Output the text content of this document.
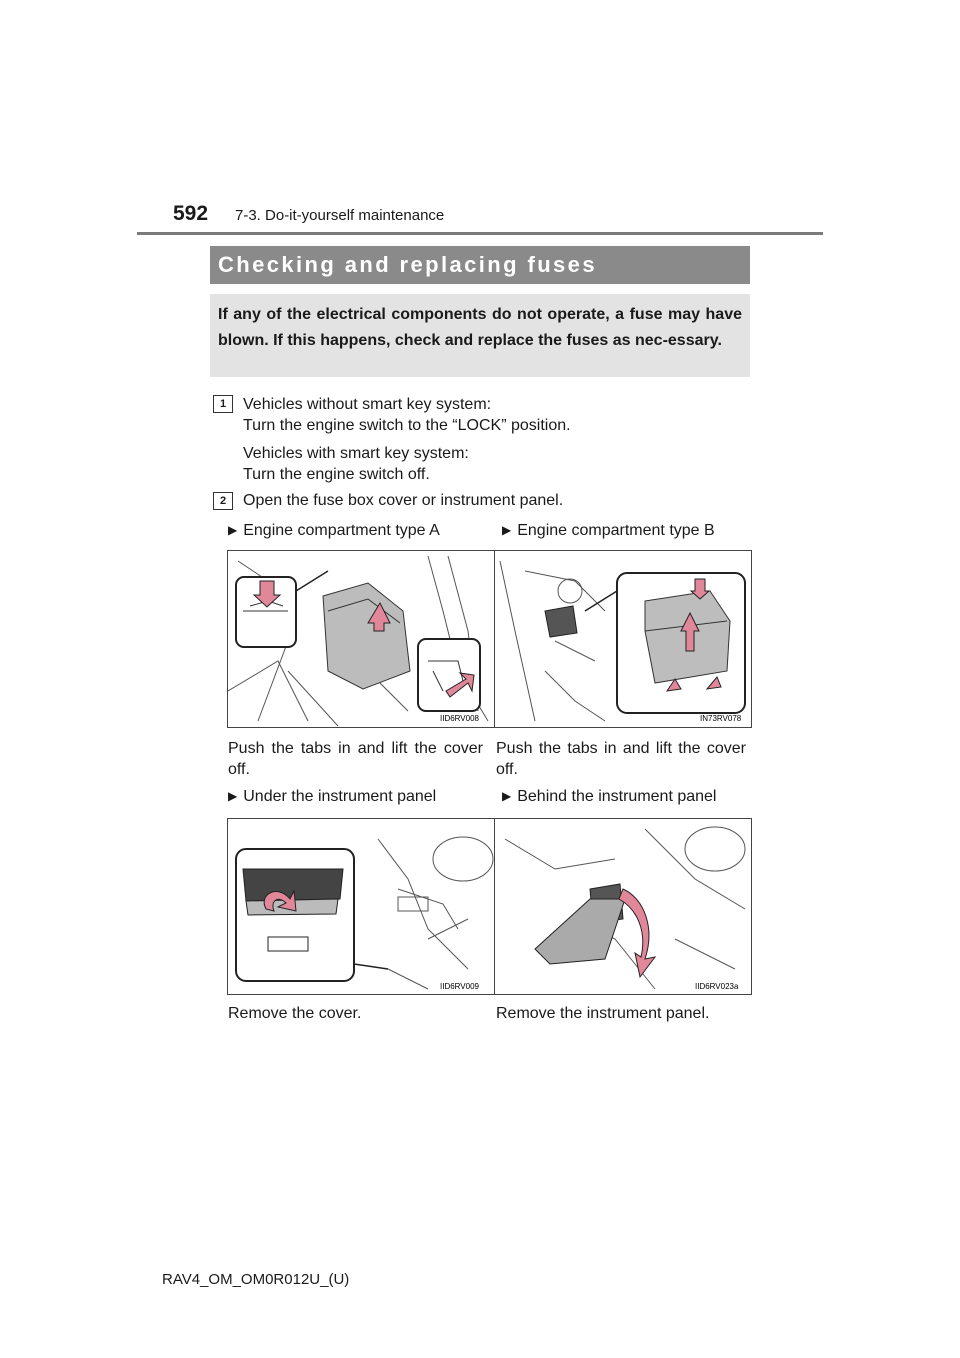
592 7-3. Do-it-yourself maintenance
Checking and replacing fuses
If any of the electrical components do not operate, a fuse may have blown. If this happens, check and replace the fuses as nec-essary.
1	Vehicles without smart key system:
Turn the engine switch to the “LOCK” position.
Vehicles with smart key system:
Turn the engine switch off.
2	Open the fuse box cover or instrument panel.
▶ Engine compartment type A	▶ Engine compartment type B
IID6RV008	IN73RV078
Push the tabs in and lift the cover off.
Push the tabs in and lift the cover off.
▶ Under the instrument panel	▶ Behind the instrument panel
IID6RV009	IID6RV023a
Remove the cover.	Remove the instrument panel.
RAV4_OM_OM0R012U_(U)
